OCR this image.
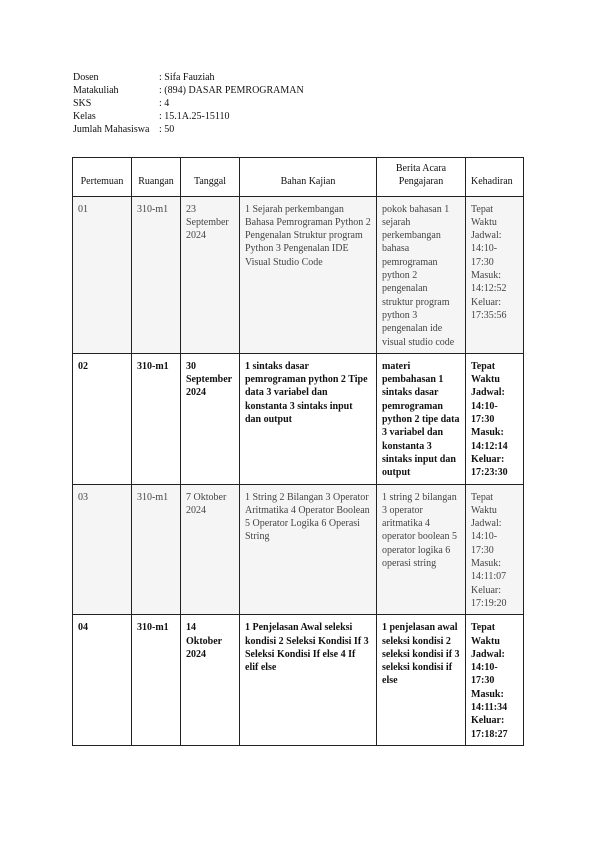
Dosen	: Sifa Fauziah
Matakuliah	: (894) DASAR PEMROGRAMAN
SKS	: 4
Kelas	: 15.1A.25-15110
Jumlah Mahasiswa : 50
Pertemuan	Ruangan	Tanggal	Bahan Kajian	Berita Acara Pengajaran	Kehadiran
01	310-m1	23 September 2024	1 Sejarah perkembangan Bahasa Pemrograman Python 2 Pengenalan Struktur program Python 3 Pengenalan IDE Visual Studio Code	pokok bahasan 1 sejarah perkembangan bahasa pemrograman python 2 pengenalan struktur program python 3 pengenalan ide visual studio code	Tepat Waktu Jadwal: 14:10-17:30 Masuk: 14:12:52 Keluar: 17:35:56
02	310-m1	30 September 2024	1 sintaks dasar pemrograman python 2 Tipe data 3 variabel dan konstanta 3 sintaks input dan output	materi pembahasan 1 sintaks dasar pemrograman python 2 tipe data 3 variabel dan konstanta 3 sintaks input dan output	Tepat Waktu Jadwal: 14:10-17:30 Masuk: 14:12:14 Keluar: 17:23:30
03	310-m1	7 Oktober 2024	1 String 2 Bilangan 3 Operator Aritmatika 4 Operator Boolean 5 Operator Logika 6 Operasi String	1 string 2 bilangan 3 operator aritmatika 4 operator boolean 5 operator logika 6 operasi string	Tepat Waktu Jadwal: 14:10-17:30 Masuk: 14:11:07 Keluar: 17:19:20
04	310-m1	14 Oktober 2024	1 Penjelasan Awal seleksi kondisi 2 Seleksi Kondisi If 3 Seleksi Kondisi If else 4 If elif else	1 penjelasan awal seleksi kondisi 2 seleksi kondisi if 3 seleksi kondisi if else	Tepat Waktu Jadwal: 14:10-17:30 Masuk: 14:11:34 Keluar: 17:18:27
